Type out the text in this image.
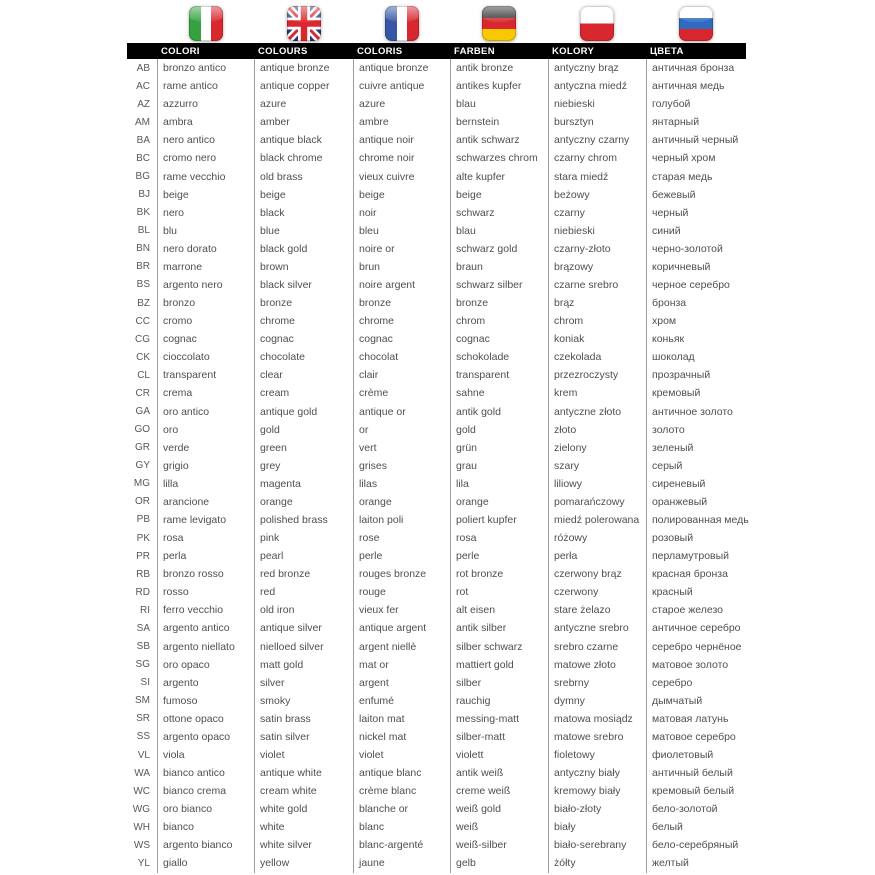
COLORI	COLOURS	COLORIS	FARBEN	KOLORY	ЦВЕТА
AB	bronzo antico	antique bronze	antique bronze	antik bronze	antyczny brąz	античная бронза
AC	rame antico	antique copper	cuivre antique	antikes kupfer	antyczna miedź	античная медь
AZ	azzurro	azure	azure	blau	niebieski	голубой
AM	ambra	amber	ambre	bernstein	bursztyn	янтарный
BA	nero antico	antique black	antique noir	antik schwarz	antyczny czarny	античный черный
BC	cromo nero	black chrome	chrome noir	schwarzes chrom	czarny chrom	черный хром
BG	rame vecchio	old brass	vieux cuivre	alte kupfer	stara miedź	старая медь
BJ	beige	beige	beige	beige	beżowy	бежевый
BK	nero	black	noir	schwarz	czarny	черный
BL	blu	blue	bleu	blau	niebieski	синий
BN	nero dorato	black gold	noire or	schwarz gold	czarny-złoto	черно-золотой
BR	marrone	brown	brun	braun	brązowy	коричневый
BS	argento nero	black silver	noire argent	schwarz silber	czarne srebro	черное серебро
BZ	bronzo	bronze	bronze	bronze	brąz	бронза
CC	cromo	chrome	chrome	chrom	chrom	хром
CG	cognac	cognac	cognac	cognac	koniak	коньяк
CK	cioccolato	chocolate	chocolat	schokolade	czekolada	шоколад
CL	transparent	clear	clair	transparent	przezroczysty	прозрачный
CR	crema	cream	crème	sahne	krem	кремовый
GA	oro antico	antique gold	antique or	antik gold	antyczne złoto	античное золото
GO	oro	gold	or	gold	złoto	золото
GR	verde	green	vert	grün	zielony	зеленый
GY	grigio	grey	grises	grau	szary	серый
MG	lilla	magenta	lilas	lila	liliowy	сиреневый
OR	arancione	orange	orange	orange	pomarańczowy	оранжевый
PB	rame levigato	polished brass	laiton poli	poliert kupfer	miedź polerowana	полированная медь
PK	rosa	pink	rose	rosa	różowy	розовый
PR	perla	pearl	perle	perle	perła	перламутровый
RB	bronzo rosso	red bronze	rouges bronze	rot bronze	czerwony brąz	красная бронза
RD	rosso	red	rouge	rot	czerwony	красный
RI	ferro vecchio	old iron	vieux fer	alt eisen	stare żelazo	старое железо
SA	argento antico	antique silver	antique argent	antik silber	antyczne srebro	античное серебро
SB	argento niellato	nielloed silver	argent niellè	silber schwarz	srebro czarne	серебро чернёное
SG	oro opaco	matt gold	mat or	mattiert gold	matowe złoto	матовое золото
SI	argento	silver	argent	silber	srebrny	серебро
SM	fumoso	smoky	enfumé	rauchig	dymny	дымчатый
SR	ottone opaco	satin brass	laiton mat	messing-matt	matowa mosiądz	матовая латунь
SS	argento opaco	satin silver	nickel mat	silber-matt	matowe srebro	матовое серебро
VL	viola	violet	violet	violett	fioletowy	фиолетовый
WA	bianco antico	antique white	antique blanc	antik weiß	antyczny biały	античный белый
WC	bianco crema	cream white	crème blanc	creme weiß	kremowy biały	кремовый белый
WG	oro bianco	white gold	blanche or	weiß gold	biało-złoty	бело-золотой
WH	bianco	white	blanc	weiß	biały	белый
WS	argento bianco	white silver	blanc-argenté	weiß-silber	biało-serebrany	бело-серебряный
YL	giallo	yellow	jaune	gelb	żółty	желтый
